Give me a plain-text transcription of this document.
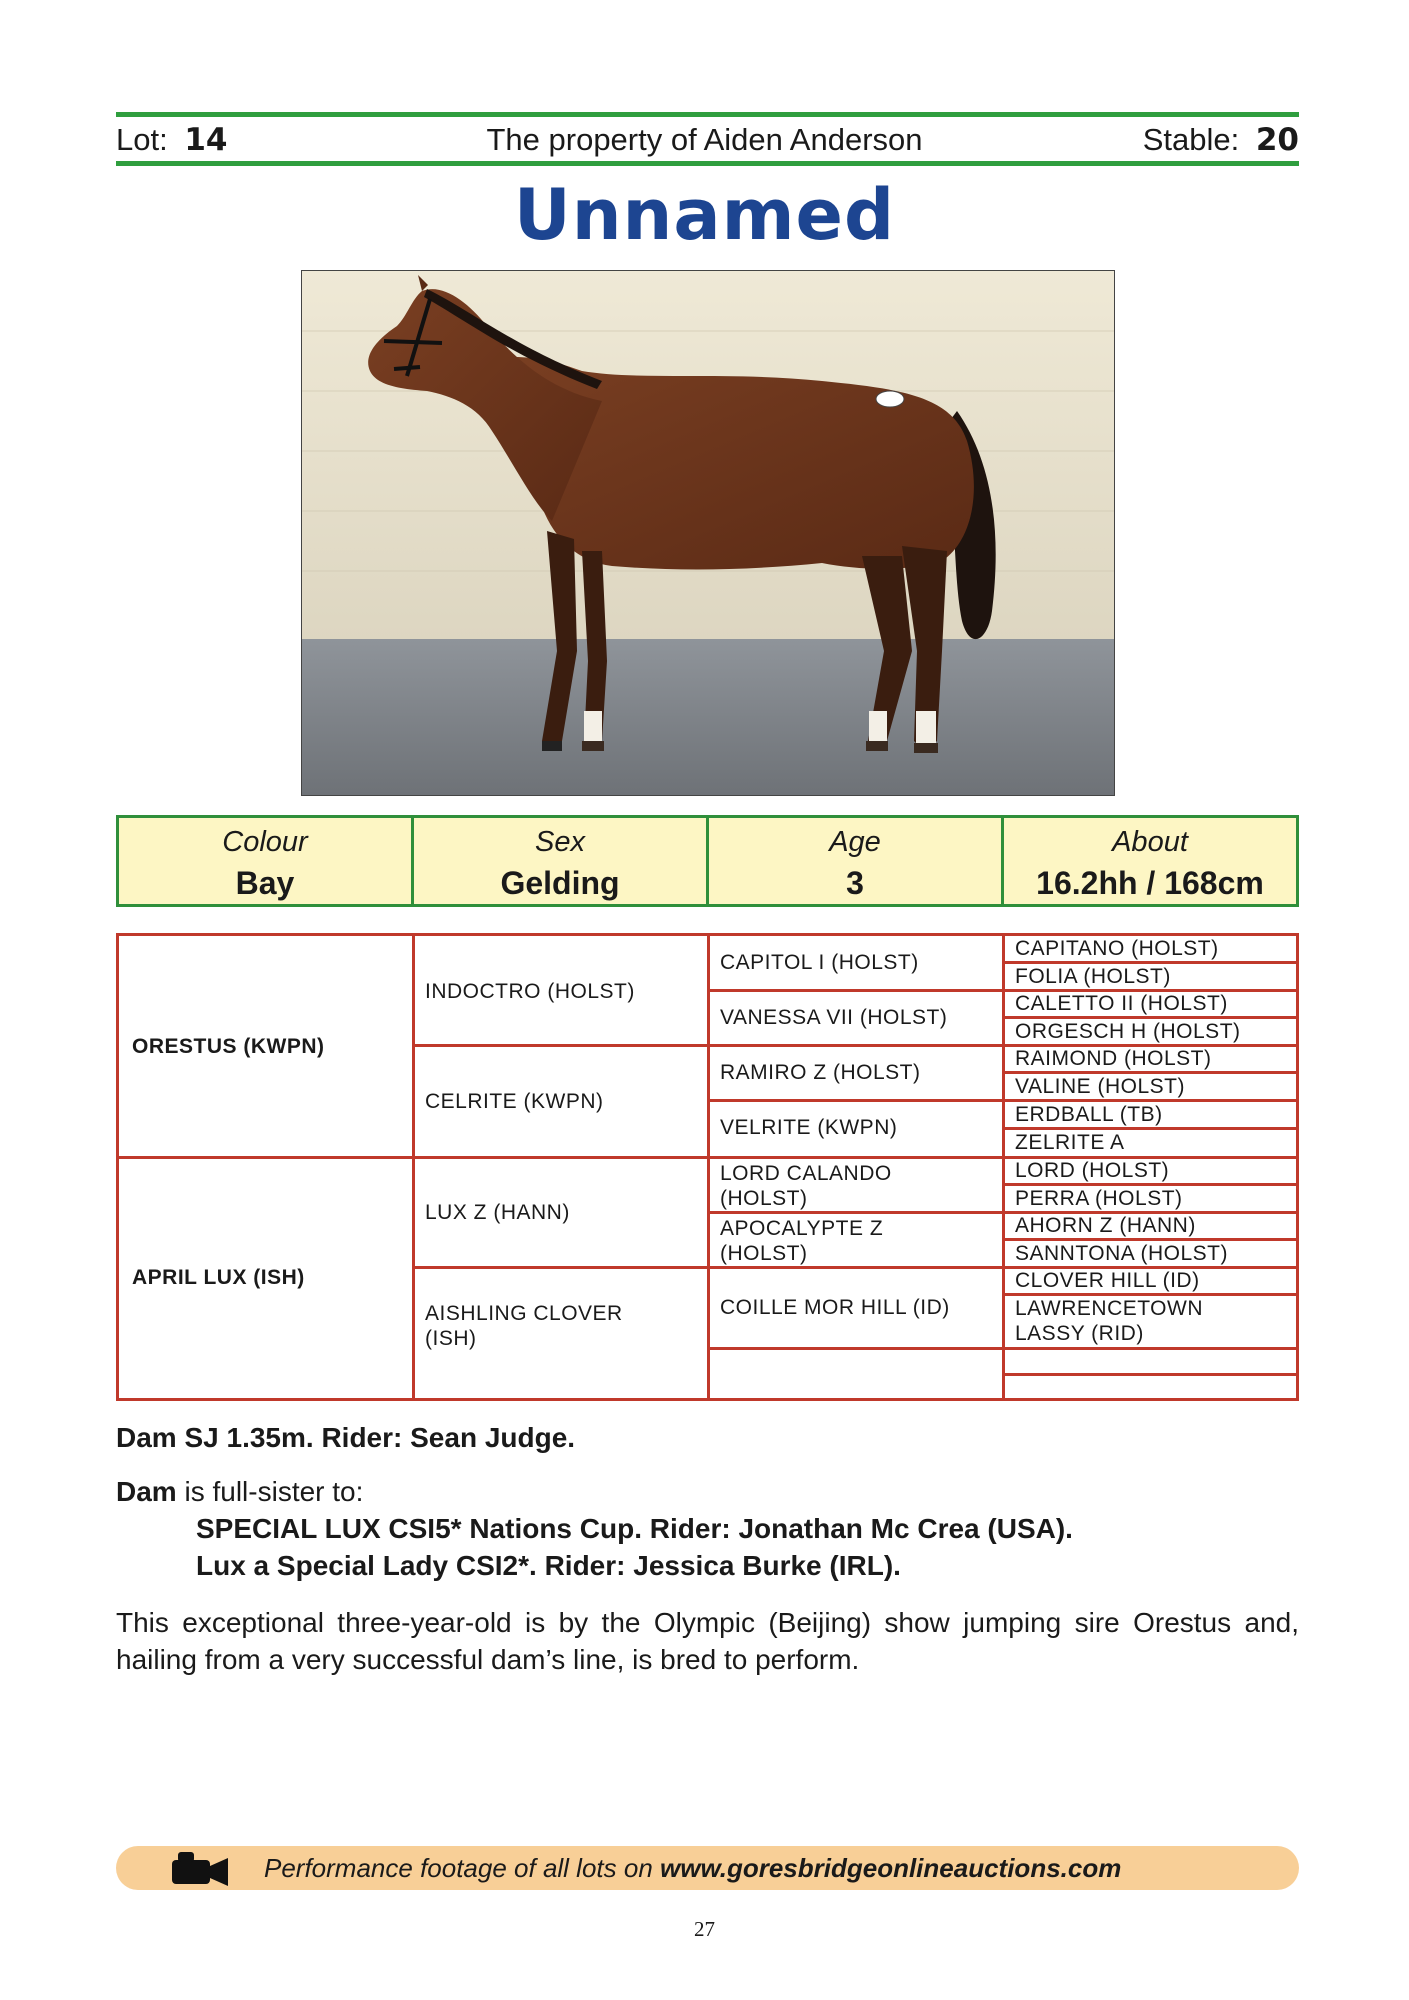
Lot: 14	The property of Aiden Anderson	Stable: 20
Unnamed
Colour
Bay
Sex
Gelding
Age
3
About
16.2hh / 168cm
ORESTUS (KWPN)
APRIL LUX (ISH)
INDOCTRO (HOLST)
CELRITE (KWPN)
LUX Z (HANN)
AISHLING CLOVER (ISH)
CAPITOL I (HOLST)
VANESSA VII (HOLST)
RAMIRO Z (HOLST)
VELRITE (KWPN)
LORD CALANDO (HOLST)
APOCALYPTE Z (HOLST)
COILLE MOR HILL (ID)
CAPITANO (HOLST)
FOLIA (HOLST)
CALETTO II (HOLST)
ORGESCH H (HOLST)
RAIMOND (HOLST)
VALINE (HOLST)
ERDBALL (TB)
ZELRITE A
LORD (HOLST)
PERRA (HOLST)
AHORN Z (HANN)
SANNTONA (HOLST)
CLOVER HILL (ID)
LAWRENCETOWN LASSY (RID)
Dam SJ 1.35m. Rider: Sean Judge.
Dam is full-sister to:
SPECIAL LUX CSI5* Nations Cup. Rider: Jonathan Mc Crea (USA).
Lux a Special Lady CSI2*. Rider: Jessica Burke (IRL).
This exceptional three-year-old is by the Olympic (Beijing) show jumping sire Orestus and, hailing from a very successful dam’s line, is bred to perform.
Performance footage of all lots on www.goresbridgeonlineauctions.com
27
